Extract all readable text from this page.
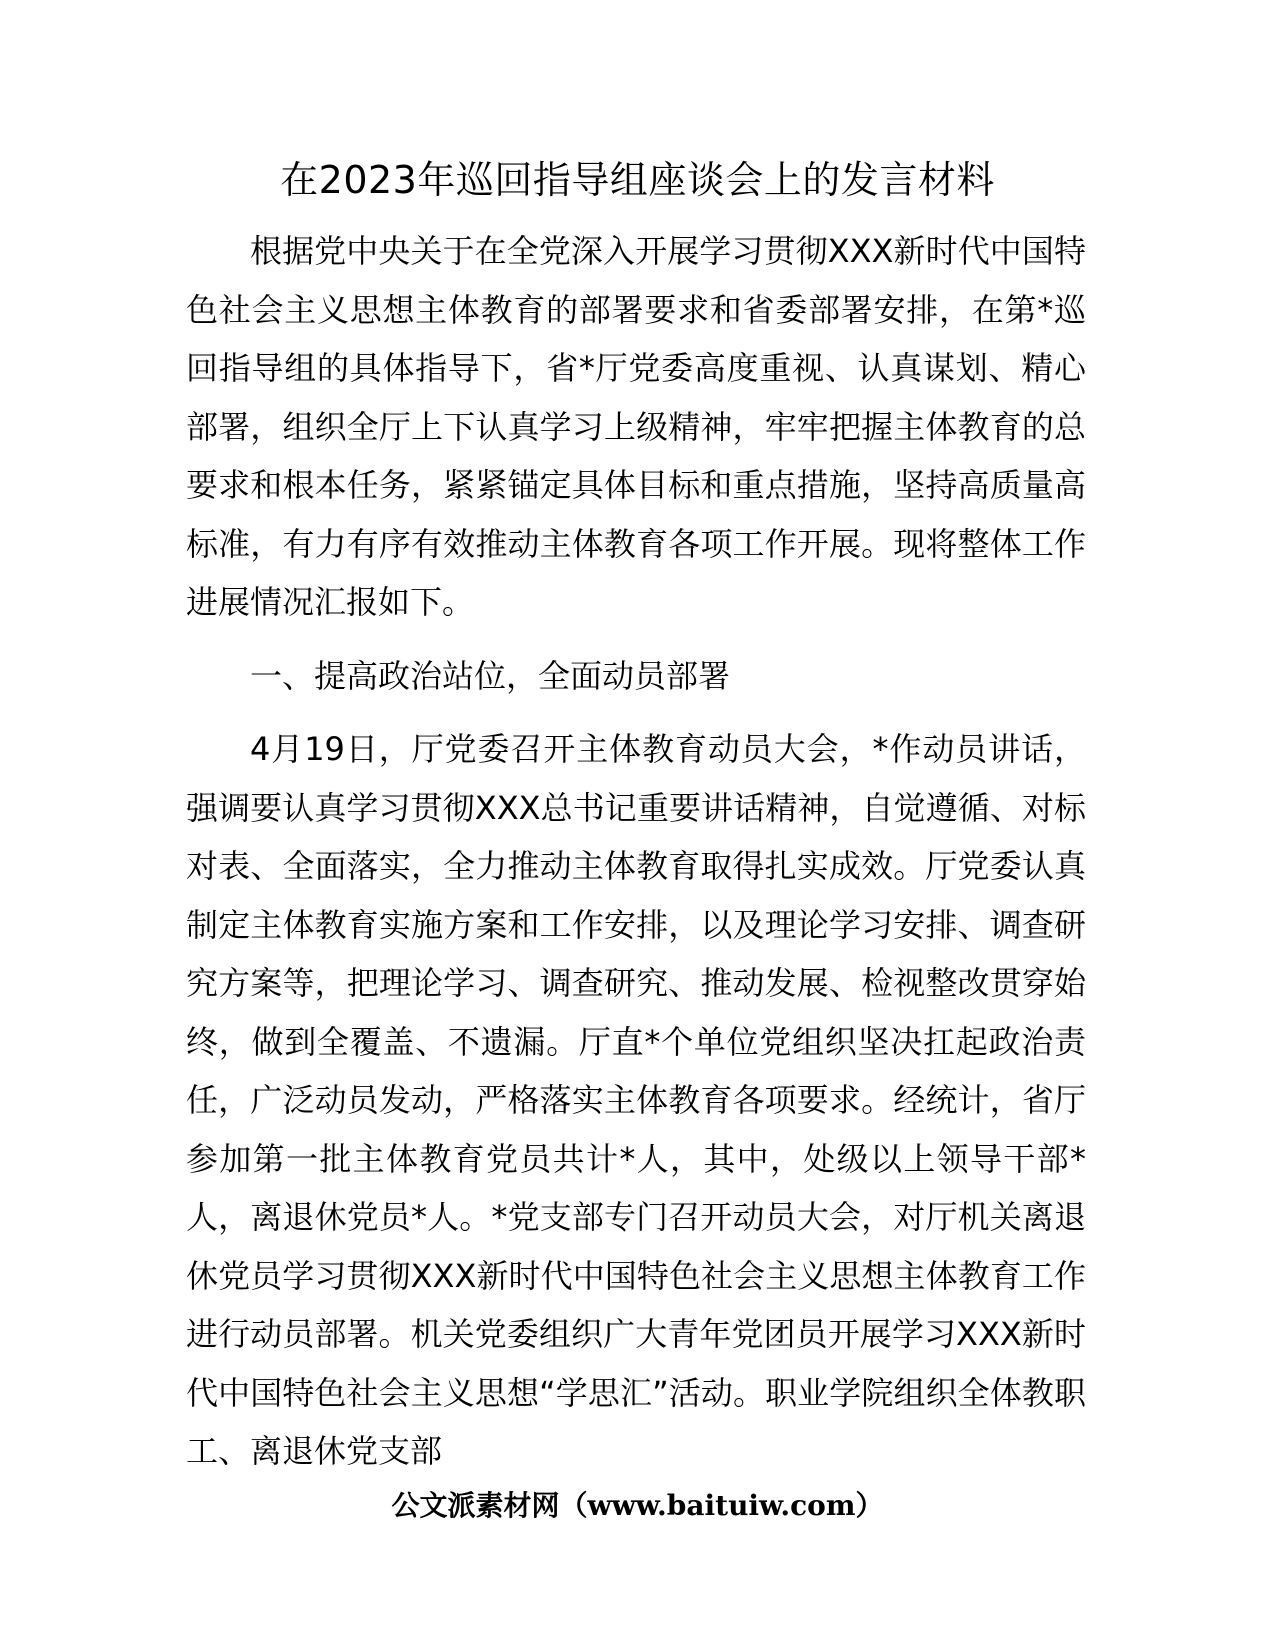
在2023年巡回指导组座谈会上的发言材料

根据党中央关于在全党深入开展学习贯彻XXX新时代中国特色社会主义思想主体教育的部署要求和省委部署安排，在第*巡回指导组的具体指导下，省*厅党委高度重视、认真谋划、精心部署，组织全厅上下认真学习上级精神，牢牢把握主体教育的总要求和根本任务，紧紧锚定具体目标和重点措施，坚持高质量高标准，有力有序有效推动主体教育各项工作开展。现将整体工作进展情况汇报如下。

一、提高政治站位，全面动员部署

4月19日，厅党委召开主体教育动员大会，*作动员讲话，强调要认真学习贯彻XXX总书记重要讲话精神，自觉遵循、对标对表、全面落实，全力推动主体教育取得扎实成效。厅党委认真制定主体教育实施方案和工作安排，以及理论学习安排、调查研究方案等，把理论学习、调查研究、推动发展、检视整改贯穿始终，做到全覆盖、不遗漏。厅直*个单位党组织坚决扛起政治责任，广泛动员发动，严格落实主体教育各项要求。经统计，省厅参加第一批主体教育党员共计*人，其中，处级以上领导干部*人，离退休党员*人。*党支部专门召开动员大会，对厅机关离退休党员学习贯彻XXX新时代中国特色社会主义思想主体教育工作进行动员部署。机关党委组织广大青年党团员开展学习XXX新时代中国特色社会主义思想“学思汇”活动。职业学院组织全体教职工、离退休党支部

公文派素材网（www.baituiw.com）
